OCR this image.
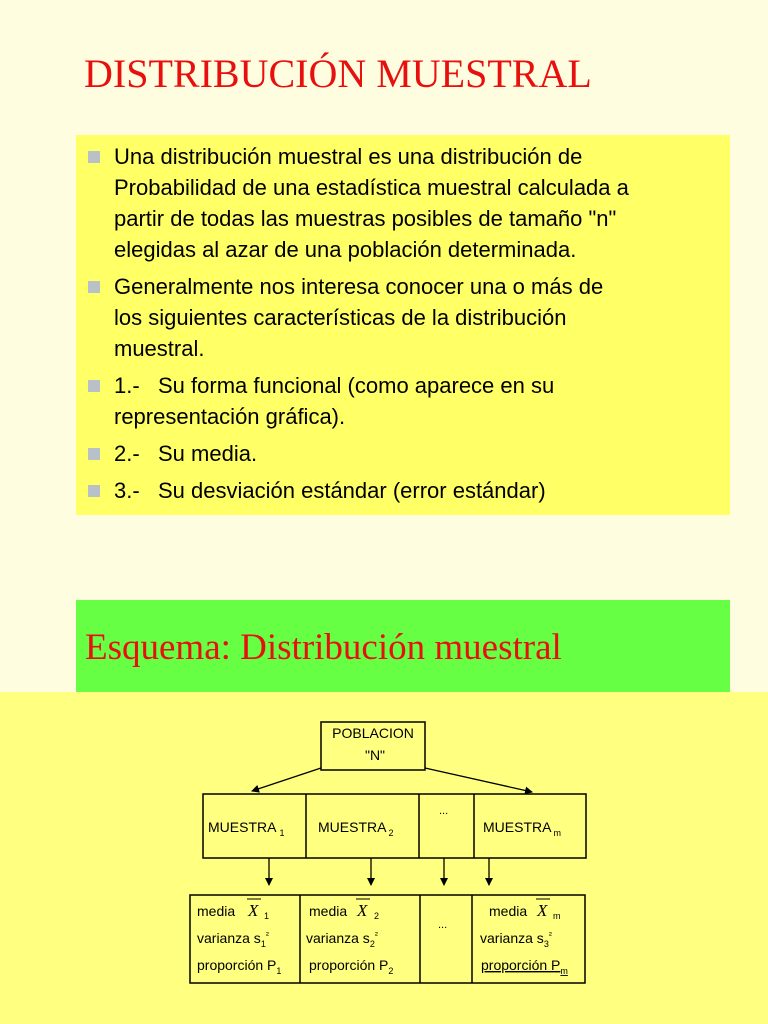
DISTRIBUCIÓN MUESTRAL
Una distribución muestral es una distribución de
Probabilidad de una estadística muestral calculada a
partir de todas las muestras posibles de tamaño "n"
elegidas al azar de una población determinada.
Generalmente nos interesa conocer una o más de
los siguientes características de la distribución
muestral.
1.-   Su forma funcional (como aparece en su
representación gráfica).
2.-   Su media.
3.-   Su desviación estándar (error estándar)
Esquema: Distribución muestral
POBLACION
"N"
MUESTRA $_1$ MUESTRA $_2$
...
MUESTRA $_m$
media X 1
varianza $s_1^{^2}$
proporción $P_1$
media X 2
varianza $s_2^{^2}$
proporción $P_2$
...
media X m
varianza $s_3^{^2}$
proporción $P_m$
